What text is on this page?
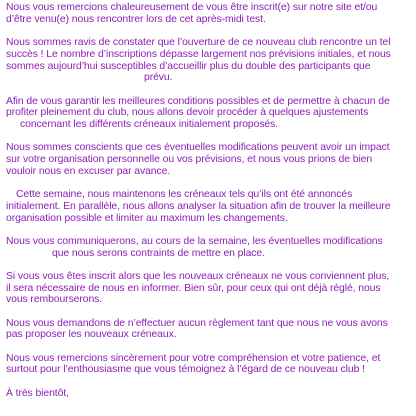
Nous vous remercions chaleureusement de vous être inscrit(e) sur notre site et/ou
d’être venu(e) nous rencontrer lors de cet après-midi test.

Nous sommes ravis de constater que l’ouverture de ce nouveau club rencontre un tel
succès ! Le nombre d’inscriptions dépasse largement nos prévisions initiales, et nous
sommes aujourd’hui susceptibles d’accueillir plus du double des participants que
prévu.

Afin de vous garantir les meilleures conditions possibles et de permettre à chacun de
profiter pleinement du club, nous allons devoir procéder à quelques ajustements
concernant les différents créneaux initialement proposés.

Nous sommes conscients que ces éventuelles modifications peuvent avoir un impact
sur votre organisation personnelle ou vos prévisions, et nous vous prions de bien
vouloir nous en excuser par avance.

Cette semaine, nous maintenons les créneaux tels qu’ils ont été annoncés
initialement. En parallèle, nous allons analyser la situation afin de trouver la meilleure
organisation possible et limiter au maximum les changements.

Nous vous communiquerons, au cours de la semaine, les éventuelles modifications
que nous serons contraints de mettre en place.

Si vous vous êtes inscrit alors que les nouveaux créneaux ne vous conviennent plus,
il sera nécessaire de nous en informer. Bien sûr, pour ceux qui ont déjà réglé, nous
vous rembourserons.

Nous vous demandons de n’effectuer aucun règlement tant que nous ne vous avons
pas proposer les nouveaux créneaux.

Nous vous remercions sincèrement pour votre compréhension et votre patience, et
surtout pour l’enthousiasme que vous témoignez à l’égard de ce nouveau club !

À très bientôt,
